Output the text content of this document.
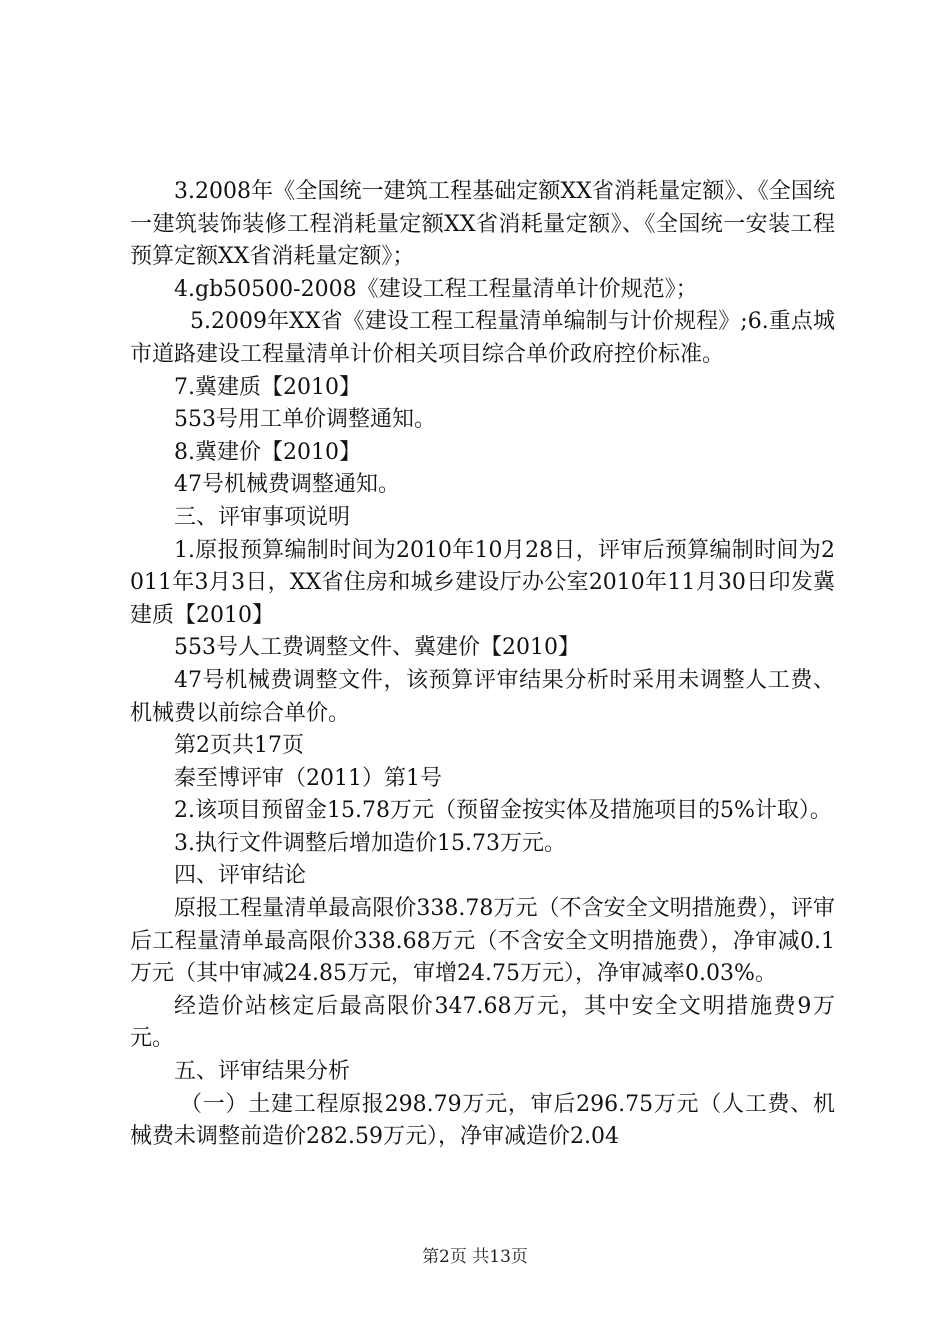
3.2008年《全国统一建筑工程基础定额XX省消耗量定额》、《全国统一建筑装饰装修工程消耗量定额XX省消耗量定额》、《全国统一安装工程预算定额XX省消耗量定额》；

4.gb50500-2008《建设工程工程量清单计价规范》；

5.2009年XX省《建设工程工程量清单编制与计价规程》;6.重点城市道路建设工程量清单计价相关项目综合单价政府控价标准。

7.冀建质【2010】

553号用工单价调整通知。

8.冀建价【2010】

47号机械费调整通知。

三、评审事项说明

1.原报预算编制时间为2010年10月28日，评审后预算编制时间为2011年3月3日，XX省住房和城乡建设厅办公室2010年11月30日印发冀建质【2010】

553号人工费调整文件、冀建价【2010】

47号机械费调整文件，该预算评审结果分析时采用未调整人工费、机械费以前综合单价。

第2页共17页

秦至博评审（2011）第1号

2.该项目预留金15.78万元（预留金按实体及措施项目的5%计取）。

3.执行文件调整后增加造价15.73万元。

四、评审结论

原报工程量清单最高限价338.78万元（不含安全文明措施费），评审后工程量清单最高限价338.68万元（不含安全文明措施费），净审减0.1万元（其中审减24.85万元，审增24.75万元），净审减率0.03%。

经造价站核定后最高限价347.68万元，其中安全文明措施费9万元。

五、评审结果分析

（一）土建工程原报298.79万元，审后296.75万元（人工费、机械费未调整前造价282.59万元），净审减造价2.04

第2页 共13页
